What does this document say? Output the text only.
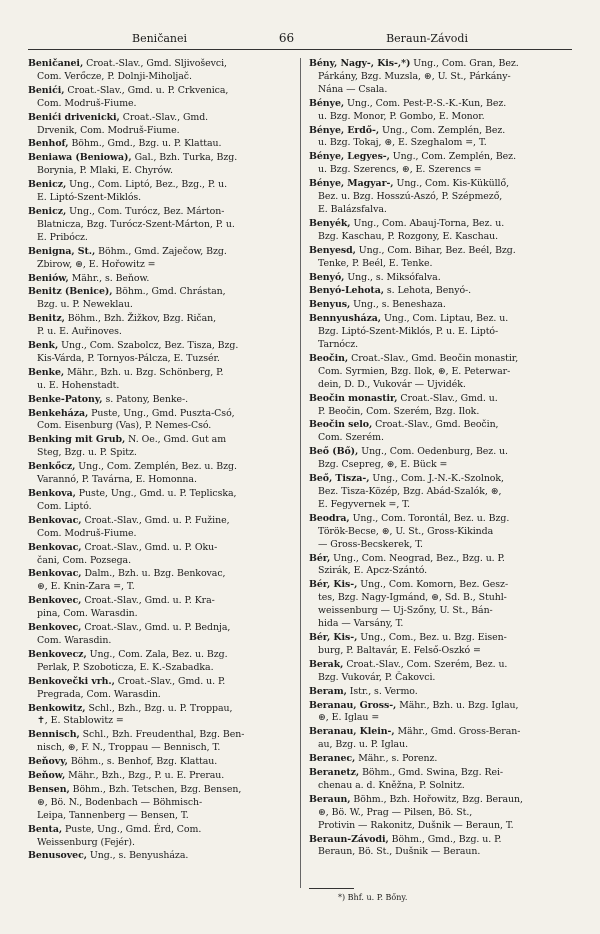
Beničanei	66	Beraun-Závodi
Beničanei, Croat.-Slav., Gmd. Sljivoševci,
Com. Verőcze, P. Dolnji-Miholjač.
Benići, Croat.-Slav., Gmd. u. P. Crkvenica,
Com. Modruš-Fiume.
Benići drivenicki, Croat.-Slav., Gmd.
Drvenik, Com. Modruš-Fiume.
Benhof, Böhm., Gmd., Bzg. u. P. Klattau.
Beniawa (Beniowa), Gal., Bzh. Turka, Bzg.
Borynia, P. Mlaki, E. Chyrów.
Benicz, Ung., Com. Liptó, Bez., Bzg., P. u.
E. Liptó-Szent-Miklós.
Benicz, Ung., Com. Turócz, Bez. Márton-
Blatnicza, Bzg. Turócz-Szent-Márton, P. u.
E. Pribócz.
Benigna, St., Böhm., Gmd. Zaječow, Bzg.
Zbirow, ⊛, E. Hořowitz =
Beniów, Mähr., s. Beňow.
Benitz (Benice), Böhm., Gmd. Chrástan,
Bzg. u. P. Neweklau.
Benitz, Böhm., Bzh. Žižkov, Bzg. Ričan,
P. u. E. Auřinoves.
Benk, Ung., Com. Szabolcz, Bez. Tisza, Bzg.
Kis-Várda, P. Tornyos-Pálcza, E. Tuzsér.
Benke, Mähr., Bzh. u. Bzg. Schönberg, P.
u. E. Hohenstadt.
Benke-Patony, s. Patony, Benke-.
Benkeháza, Puste, Ung., Gmd. Puszta-Csó,
Com. Eisenburg (Vas), P. Nemes-Csó.
Benking mit Grub, N. Oe., Gmd. Gut am
Steg, Bzg. u. P. Spitz.
Benkőcz, Ung., Com. Zemplén, Bez. u. Bzg.
Varannó, P. Tavárna, E. Homonna.
Benkova, Puste, Ung., Gmd. u. P. Teplicska,
Com. Liptó.
Benkovac, Croat.-Slav., Gmd. u. P. Fužine,
Com. Modruš-Fiume.
Benkovac, Croat.-Slav., Gmd. u. P. Oku-
čani, Com. Pozsega.
Benkovac, Dalm., Bzh. u. Bzg. Benkovac,
⊛, E. Knin-Zara =, T.
Benkovec, Croat.-Slav., Gmd. u. P. Kra-
pina, Com. Warasdin.
Benkovec, Croat.-Slav., Gmd. u. P. Bednja,
Com. Warasdin.
Benkovecz, Ung., Com. Zala, Bez. u. Bzg.
Perlak, P. Szoboticza, E. K.-Szabadka.
Benkovečki vrh., Croat.-Slav., Gmd. u. P.
Pregrada, Com. Warasdin.
Benkowitz, Schl., Bzh., Bzg. u. P. Troppau,
✝, E. Stablowitz =
Bennisch, Schl., Bzh. Freudenthal, Bzg. Ben-
nisch, ⊛, F. N., Troppau — Bennisch, T.
Beňovy, Böhm., s. Benhof, Bzg. Klattau.
Beňow, Mähr., Bzh., Bzg., P. u. E. Prerau.
Bensen, Böhm., Bzh. Tetschen, Bzg. Bensen,
⊛, Bö. N., Bodenbach — Böhmisch-
Leipa, Tannenberg — Bensen, T.
Benta, Puste, Ung., Gmd. Érd, Com.
Weissenburg (Fejér).
Benusovec, Ung., s. Benyusháza.
Bény, Nagy-, Kis-,*) Ung., Com. Gran, Bez.
Párkány, Bzg. Muzsla, ⊛, U. St., Párkány-
Nána — Csala.
Bénye, Ung., Com. Pest-P.-S.-K.-Kun, Bez.
u. Bzg. Monor, P. Gombo, E. Monor.
Bénye, Erdő-, Ung., Com. Zemplén, Bez.
u. Bzg. Tokaj, ⊛, E. Szeghalom =, T.
Bénye, Legyes-, Ung., Com. Zemplén, Bez.
u. Bzg. Szerencs, ⊛, E. Szerencs =
Bénye, Magyar-, Ung., Com. Kis-Küküllő,
Bez. u. Bzg. Hosszú-Aszó, P. Szépmező,
E. Balázsfalva.
Benyék, Ung., Com. Abauj-Torna, Bez. u.
Bzg. Kaschau, P. Rozgony, E. Kaschau.
Benyesd, Ung., Com. Bihar, Bez. Beél, Bzg.
Tenke, P. Beél, E. Tenke.
Benyó, Ung., s. Miksófalva.
Benyó-Lehota, s. Lehota, Benyó-.
Benyus, Ung., s. Beneshaza.
Bennyusháza, Ung., Com. Liptau, Bez. u.
Bzg. Liptó-Szent-Miklós, P. u. E. Liptó-
Tarnócz.
Beočin, Croat.-Slav., Gmd. Beočin monastir,
Com. Syrmien, Bzg. Ilok, ⊛, E. Peterwar-
dein, D. D., Vukovár — Ujvidék.
Beočin monastir, Croat.-Slav., Gmd. u.
P. Beočin, Com. Szerém, Bzg. Ilok.
Beočin selo, Croat.-Slav., Gmd. Beočin,
Com. Szerém.
Beő (Bő), Ung., Com. Oedenburg, Bez. u.
Bzg. Csepreg, ⊛, E. Bück =
Beő, Tisza-, Ung., Com. J.-N.-K.-Szolnok,
Bez. Tisza-Közép, Bzg. Abád-Szalók, ⊛,
E. Fegyvernek =, T.
Beodra, Ung., Com. Torontál, Bez. u. Bzg.
Török-Becse, ⊛, U. St., Gross-Kikinda
— Gross-Becskerek, T.
Bér, Ung., Com. Neograd, Bez., Bzg. u. P.
Szirák, E. Apcz-Szántó.
Bér, Kis-, Ung., Com. Komorn, Bez. Gesz-
tes, Bzg. Nagy-Igmánd, ⊛, Sd. B., Stuhl-
weissenburg — Uj-Szőny, U. St., Bán-
hida — Varsány, T.
Bér, Kis-, Ung., Com., Bez. u. Bzg. Eisen-
burg, P. Baltavár, E. Felső-Oszkó =
Berak, Croat.-Slav., Com. Szerém, Bez. u.
Bzg. Vukovár, P. Čakovci.
Beram, Istr., s. Vermo.
Beranau, Gross-, Mähr., Bzh. u. Bzg. Iglau,
⊛, E. Iglau =
Beranau, Klein-, Mähr., Gmd. Gross-Beran-
au, Bzg. u. P. Iglau.
Beranec, Mähr., s. Porenz.
Beranetz, Böhm., Gmd. Swina, Bzg. Rei-
chenau a. d. Kněžna, P. Solnitz.
Beraun, Böhm., Bzh. Hořowitz, Bzg. Beraun,
⊛, Bö. W., Prag — Pilsen, Bö. St.,
Protivin — Rakonitz, Dušnik — Beraun, T.
Beraun-Závodi, Böhm., Gmd., Bzg. u. P.
Beraun, Bö. St., Dušnik — Beraun.
*) Bhf. u. P. Bőny.
